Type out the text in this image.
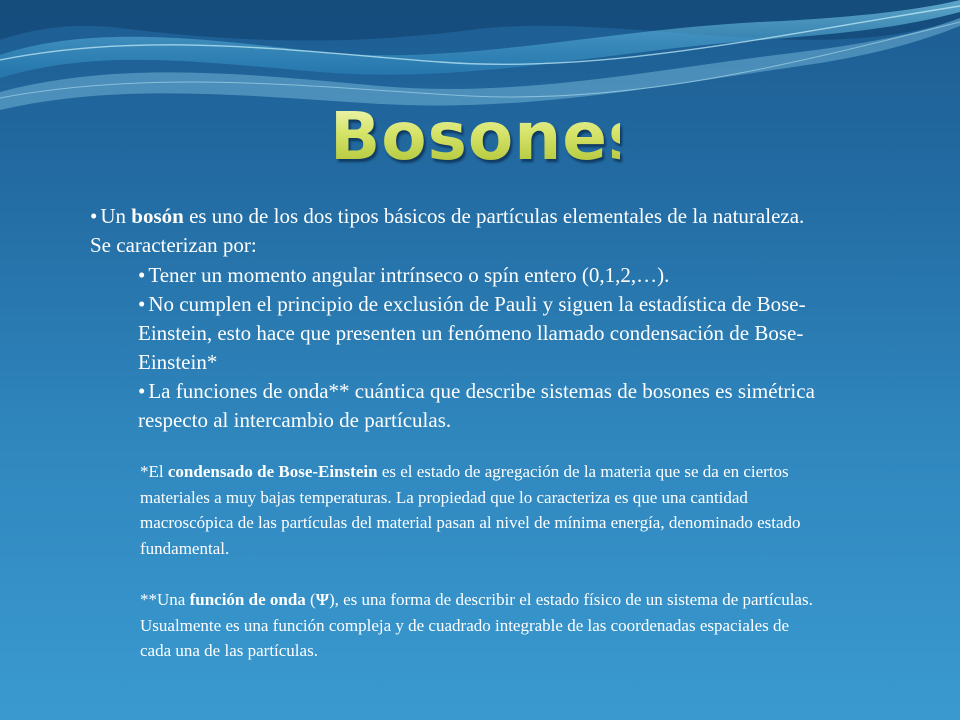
Bosones
• Un bosón es uno de los dos tipos básicos de partículas elementales de la naturaleza. Se caracterizan por:
• Tener un momento angular intrínseco o spín entero (0,1,2,…).
• No cumplen el principio de exclusión de Pauli y siguen la estadística de Bose-Einstein, esto hace que presenten un fenómeno llamado condensación de Bose-Einstein*
• La funciones de onda** cuántica que describe sistemas de bosones es simétrica respecto al intercambio de partículas.
*El condensado de Bose-Einstein es el estado de agregación de la materia que se da en ciertos materiales a muy bajas temperaturas. La propiedad que lo caracteriza es que una cantidad macroscópica de las partículas del material pasan al nivel de mínima energía, denominado estado fundamental.
**Una función de onda (Ψ), es una forma de describir el estado físico de un sistema de partículas. Usualmente es una función compleja y de cuadrado integrable de las coordenadas espaciales de cada una de las partículas.
